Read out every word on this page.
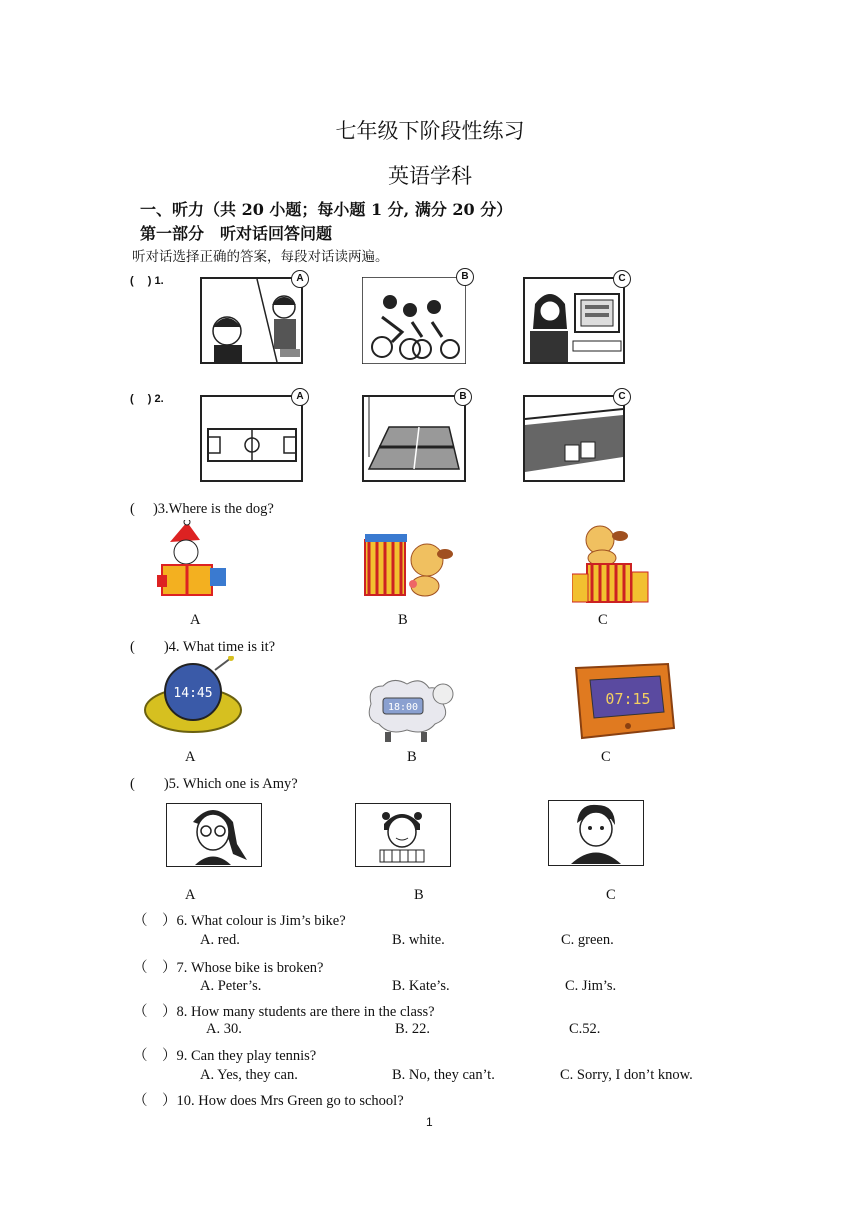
七年级下阶段性练习
英语学科
一、听力（共 20 小题；每小题 1 分, 满分 20 分）
第一部分　听对话回答问题
听对话选择正确的答案，每段对话读两遍。
(　 ) 1.	A	B	C
(　 ) 2.	A	B	C
(　 )3.Where is the dog?
A	B	C
(　　)4. What time is it?
14:45
18:00	07:15
A	B	C
(　　)5. Which one is Amy?
A	B	C
（　）6. What colour is Jim’s bike?
A. red.	B. white.	C. green.
（　）7. Whose bike is broken?
A. Peter’s.	B. Kate’s.	C. Jim’s.
（　）8. How many students are there in the class?
A. 30.	B. 22.	C.52.
（　）9. Can they play tennis?
A. Yes, they can.	B. No, they can’t.	C. Sorry, I don’t know.
（　）10. How does Mrs Green go to school?
1
